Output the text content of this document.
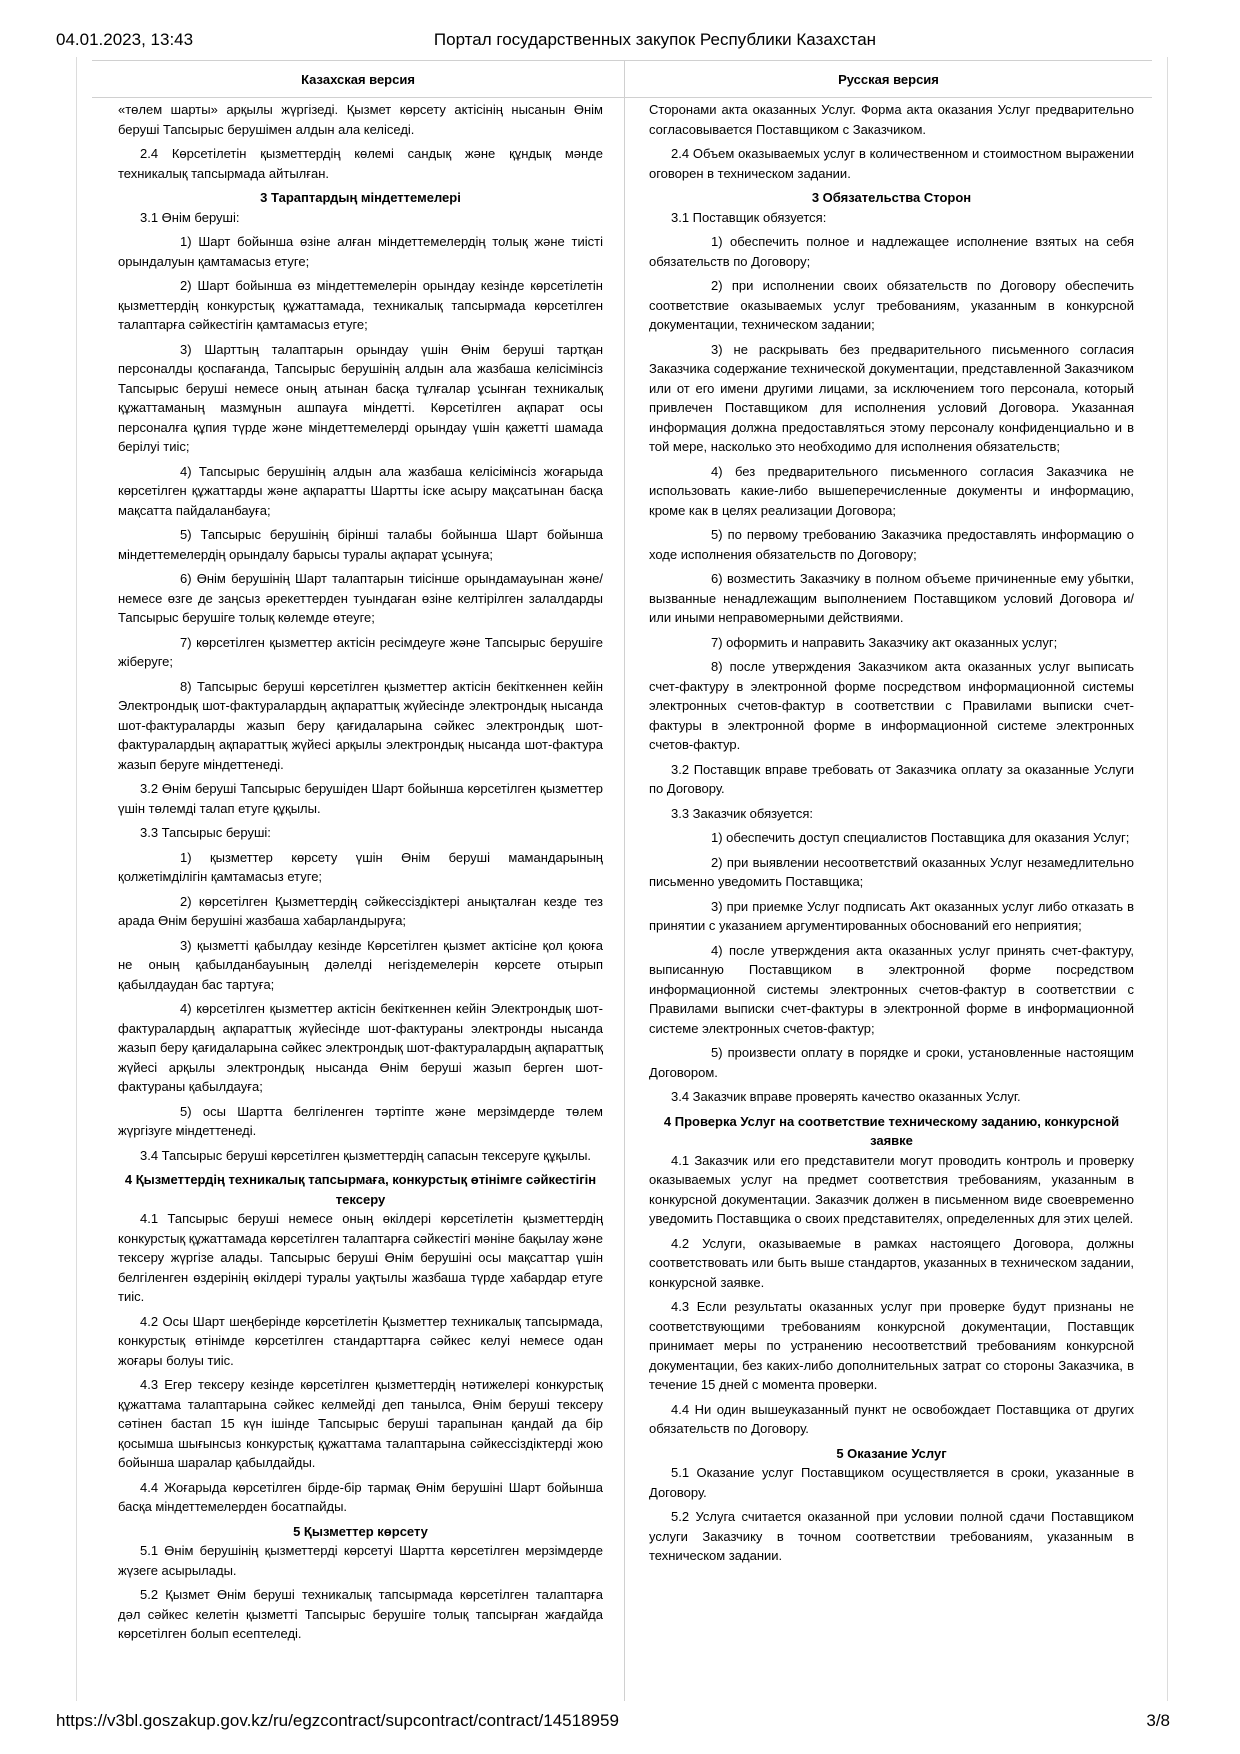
04.01.2023, 13:43	Портал государственных закупок Республики Казахстан
Казахская версия	Русская версия

«төлем шарты» арқылы жүргізеді. Қызмет көрсету актісінің нысанын Өнім беруші Тапсырыс берушімен алдын ала келіседі.

2.4 Көрсетілетін қызметтердің көлемі сандық және құндық мәнде техникалық тапсырмада айтылған.

3 Тараптардың міндеттемелері

3.1 Өнім беруші:

1) Шарт бойынша өзіне алған міндеттемелердің толық және тиісті орындалуын қамтамасыз етуге;

2) Шарт бойынша өз міндеттемелерін орындау кезінде көрсетілетін қызметтердің конкурстық құжаттамада, техникалық тапсырмада көрсетілген талаптарға сәйкестігін қамтамасыз етуге;

3) Шарттың талаптарын орындау үшін Өнім беруші тартқан персоналды қоспағанда, Тапсырыс берушінің алдын ала жазбаша келісімінсіз Тапсырыс беруші немесе оның атынан басқа тұлғалар ұсынған техникалық құжаттаманың мазмұнын ашпауға міндетті. Көрсетілген ақпарат осы персоналға құпия түрде және міндеттемелерді орындау үшін қажетті шамада берілуі тиіс;

4) Тапсырыс берушінің алдын ала жазбаша келісімінсіз жоғарыда көрсетілген құжаттарды және ақпаратты Шартты іске асыру мақсатынан басқа мақсатта пайдаланбауға;

5) Тапсырыс берушінің бірінші талабы бойынша Шарт бойынша міндеттемелердің орындалу барысы туралы ақпарат ұсынуға;

6) Өнім берушінің Шарт талаптарын тиісінше орындамауынан және/немесе өзге де заңсыз әрекеттерден туындаған өзіне келтірілген залалдарды Тапсырыс берушіге толық көлемде өтеуге;

7) көрсетілген қызметтер актісін ресімдеуге және Тапсырыс берушіге жіберуге;

8) Тапсырыс беруші көрсетілген қызметтер актісін бекіткеннен кейін Электрондық шот-фактуралардың ақпараттық жүйесінде электрондық нысанда шот-фактураларды жазып беру қағидаларына сәйкес электрондық шот-фактуралардың ақпараттық жүйесі арқылы электрондық нысанда шот-фактура жазып беруге міндеттенеді.

3.2 Өнім беруші Тапсырыс берушіден Шарт бойынша көрсетілген қызметтер үшін төлемді талап етуге құқылы.

3.3 Тапсырыс беруші:

1) қызметтер көрсету үшін Өнім беруші мамандарының қолжетімділігін қамтамасыз етуге;

2) көрсетілген Қызметтердің сәйкессіздіктері анықталған кезде тез арада Өнім берушіні жазбаша хабарландыруға;

3) қызметті қабылдау кезінде Көрсетілген қызмет актісіне қол қоюға не оның қабылданбауының дәлелді негіздемелерін көрсете отырып қабылдаудан бас тартуға;

4) көрсетілген қызметтер актісін бекіткеннен кейін Электрондық шот-фактуралардың ақпараттық жүйесінде шот-фактураны электронды нысанда жазып беру қағидаларына сәйкес электрондық шот-фактуралардың ақпараттық жүйесі арқылы электрондық нысанда Өнім беруші жазып берген шот-фактураны қабылдауға;

5) осы Шартта белгіленген тәртіпте және мерзімдерде төлем жүргізуге міндеттенеді.

3.4 Тапсырыс беруші көрсетілген қызметтердің сапасын тексеруге құқылы.

4 Қызметтердің техникалық тапсырмаға, конкурстық өтінімге сәйкестігін тексеру

4.1 Тапсырыс беруші немесе оның өкілдері көрсетілетін қызметтердің конкурстық құжаттамада көрсетілген талаптарға сәйкестігі мәніне бақылау және тексеру жүргізе алады. Тапсырыс беруші Өнім берушіні осы мақсаттар үшін белгіленген өздерінің өкілдері туралы уақтылы жазбаша түрде хабардар етуге тиіс.

4.2 Осы Шарт шеңберінде көрсетілетін Қызметтер техникалық тапсырмада, конкурстық өтінімде көрсетілген стандарттарға сәйкес келуі немесе одан жоғары болуы тиіс.

4.3 Егер тексеру кезінде көрсетілген қызметтердің нәтижелері конкурстық құжаттама талаптарына сәйкес келмейді деп танылса, Өнім беруші тексеру сәтінен бастап 15 күн ішінде Тапсырыс беруші тарапынан қандай да бір қосымша шығынсыз конкурстық құжаттама талаптарына сәйкессіздіктерді жою бойынша шаралар қабылдайды.

4.4 Жоғарыда көрсетілген бірде-бір тармақ Өнім берушіні Шарт бойынша басқа міндеттемелерден босатпайды.

5 Қызметтер көрсету

5.1 Өнім берушінің қызметтерді көрсетуі Шартта көрсетілген мерзімдерде жүзеге асырылады.

5.2 Қызмет Өнім беруші техникалық тапсырмада көрсетілген талаптарға дәл сәйкес келетін қызметті Тапсырыс берушіге толық тапсырған жағдайда көрсетілген болып есептеледі.

Сторонами акта оказанных Услуг. Форма акта оказания Услуг предварительно согласовывается Поставщиком с Заказчиком.

2.4 Объем оказываемых услуг в количественном и стоимостном выражении оговорен в техническом задании.

3 Обязательства Сторон

3.1 Поставщик обязуется:

1) обеспечить полное и надлежащее исполнение взятых на себя обязательств по Договору;

2) при исполнении своих обязательств по Договору обеспечить соответствие оказываемых услуг требованиям, указанным в конкурсной документации, техническом задании;

3) не раскрывать без предварительного письменного согласия Заказчика содержание технической документации, представленной Заказчиком или от его имени другими лицами, за исключением того персонала, который привлечен Поставщиком для исполнения условий Договора. Указанная информация должна предоставляться этому персоналу конфиденциально и в той мере, насколько это необходимо для исполнения обязательств;

4) без предварительного письменного согласия Заказчика не использовать какие-либо вышеперечисленные документы и информацию, кроме как в целях реализации Договора;

5) по первому требованию Заказчика предоставлять информацию о ходе исполнения обязательств по Договору;

6) возместить Заказчику в полном объеме причиненные ему убытки, вызванные ненадлежащим выполнением Поставщиком условий Договора и/или иными неправомерными действиями.

7) оформить и направить Заказчику акт оказанных услуг;

8) после утверждения Заказчиком акта оказанных услуг выписать счет-фактуру в электронной форме посредством информационной системы электронных счетов-фактур в соответствии с Правилами выписки счет-фактуры в электронной форме в информационной системе электронных счетов-фактур.

3.2 Поставщик вправе требовать от Заказчика оплату за оказанные Услуги по Договору.

3.3 Заказчик обязуется:

1) обеспечить доступ специалистов Поставщика для оказания Услуг;

2) при выявлении несоответствий оказанных Услуг незамедлительно письменно уведомить Поставщика;

3) при приемке Услуг подписать Акт оказанных услуг либо отказать в принятии с указанием аргументированных обоснований его неприятия;

4) после утверждения акта оказанных услуг принять счет-фактуру, выписанную Поставщиком в электронной форме посредством информационной системы электронных счетов-фактур в соответствии с Правилами выписки счет-фактуры в электронной форме в информационной системе электронных счетов-фактур;

5) произвести оплату в порядке и сроки, установленные настоящим Договором.

3.4 Заказчик вправе проверять качество оказанных Услуг.

4 Проверка Услуг на соответствие техническому заданию, конкурсной заявке

4.1 Заказчик или его представители могут проводить контроль и проверку оказываемых услуг на предмет соответствия требованиям, указанным в конкурсной документации. Заказчик должен в письменном виде своевременно уведомить Поставщика о своих представителях, определенных для этих целей.

4.2 Услуги, оказываемые в рамках настоящего Договора, должны соответствовать или быть выше стандартов, указанных в техническом задании, конкурсной заявке.

4.3 Если результаты оказанных услуг при проверке будут признаны не соответствующими требованиям конкурсной документации, Поставщик принимает меры по устранению несоответствий требованиям конкурсной документации, без каких-либо дополнительных затрат со стороны Заказчика, в течение 15 дней с момента проверки.

4.4 Ни один вышеуказанный пункт не освобождает Поставщика от других обязательств по Договору.

5 Оказание Услуг

5.1 Оказание услуг Поставщиком осуществляется в сроки, указанные в Договору.

5.2 Услуга считается оказанной при условии полной сдачи Поставщиком услуги Заказчику в точном соответствии требованиям, указанным в техническом задании.

https://v3bl.goszakup.gov.kz/ru/egzcontract/supcontract/contract/14518959	3/8
